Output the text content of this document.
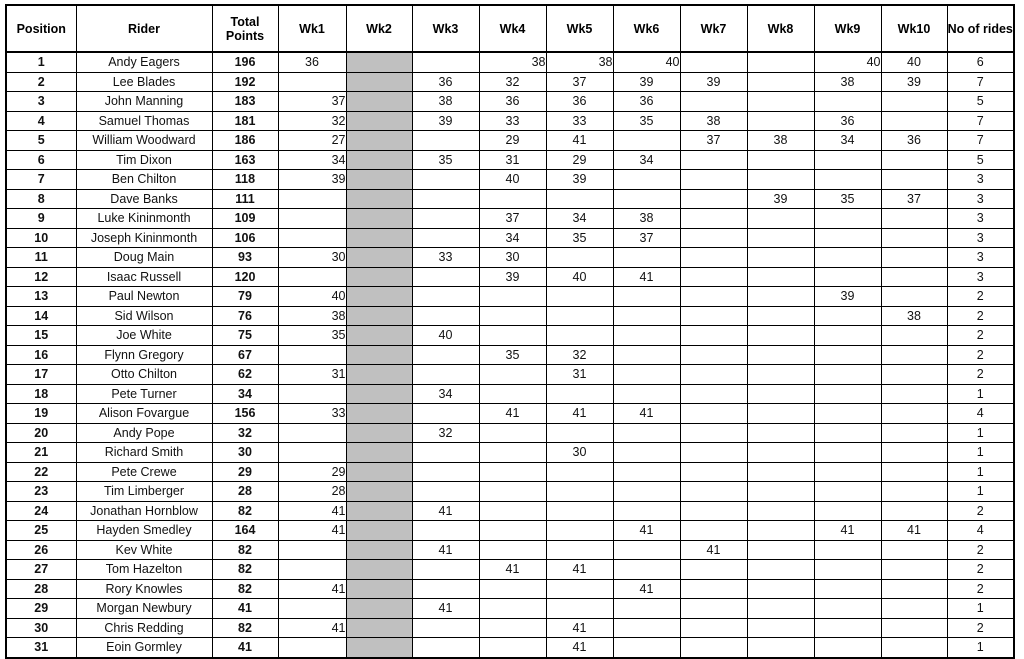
Position	Rider	Total Points	Wk1	Wk2	Wk3	Wk4	Wk5	Wk6	Wk7	Wk8	Wk9	Wk10	No of rides
1	Andy Eagers	196	36			38	38	40			40	40	6
2	Lee Blades	192			36	32	37	39	39		38	39	7
3	John Manning	183	37		38	36	36	36					5
4	Samuel Thomas	181	32		39	33	33	35	38		36		7
5	William Woodward	186	27			29	41		37	38	34	36	7
6	Tim Dixon	163	34		35	31	29	34					5
7	Ben Chilton	118	39			40	39						3
8	Dave Banks	111								39	35	37	3
9	Luke Kininmonth	109				37	34	38					3
10	Joseph Kininmonth	106				34	35	37					3
11	Doug Main	93	30		33	30							3
12	Isaac Russell	120				39	40	41					3
13	Paul Newton	79	40								39		2
14	Sid Wilson	76	38									38	2
15	Joe White	75	35		40								2
16	Flynn Gregory	67				35	32						2
17	Otto Chilton	62	31				31						2
18	Pete Turner	34			34								1
19	Alison Fovargue	156	33			41	41	41					4
20	Andy Pope	32			32								1
21	Richard Smith	30					30						1
22	Pete Crewe	29	29										1
23	Tim Limberger	28	28										1
24	Jonathan Hornblow	82	41		41								2
25	Hayden Smedley	164	41					41			41	41	4
26	Kev White	82			41				41				2
27	Tom Hazelton	82				41	41						2
28	Rory Knowles	82	41					41					2
29	Morgan Newbury	41			41								1
30	Chris Redding	82	41				41						2
31	Eoin Gormley	41					41						1
